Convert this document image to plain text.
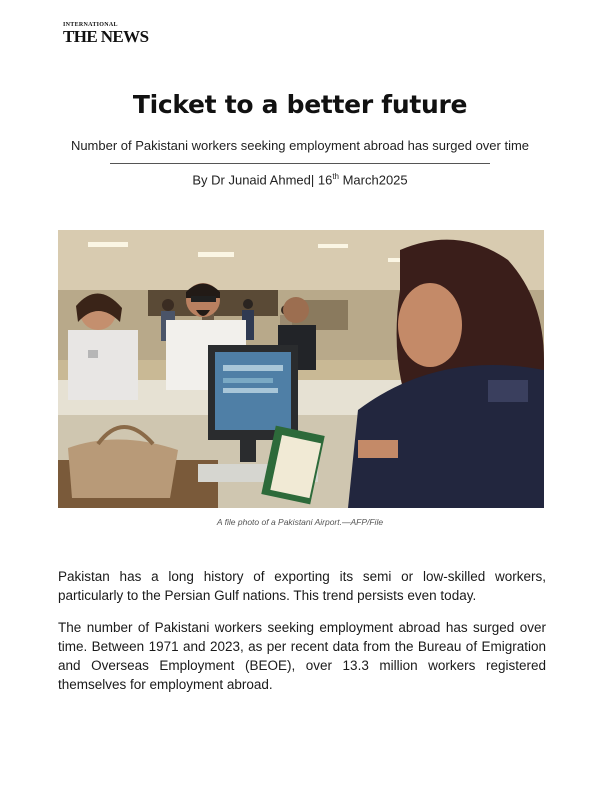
INTERNATIONAL
THE NEWS
Ticket to a better future
Number of Pakistani workers seeking employment abroad has surged over time
By Dr Junaid Ahmed| 16th March2025
A file photo of a Pakistani Airport.—AFP/File

Pakistan has a long history of exporting its semi or low-skilled workers, particularly to the Persian Gulf nations. This trend persists even today.

The number of Pakistani workers seeking employment abroad has surged over time. Between 1971 and 2023, as per recent data from the Bureau of Emigration and Overseas Employment (BEOE), over 13.3 million workers registered themselves for employment abroad.
